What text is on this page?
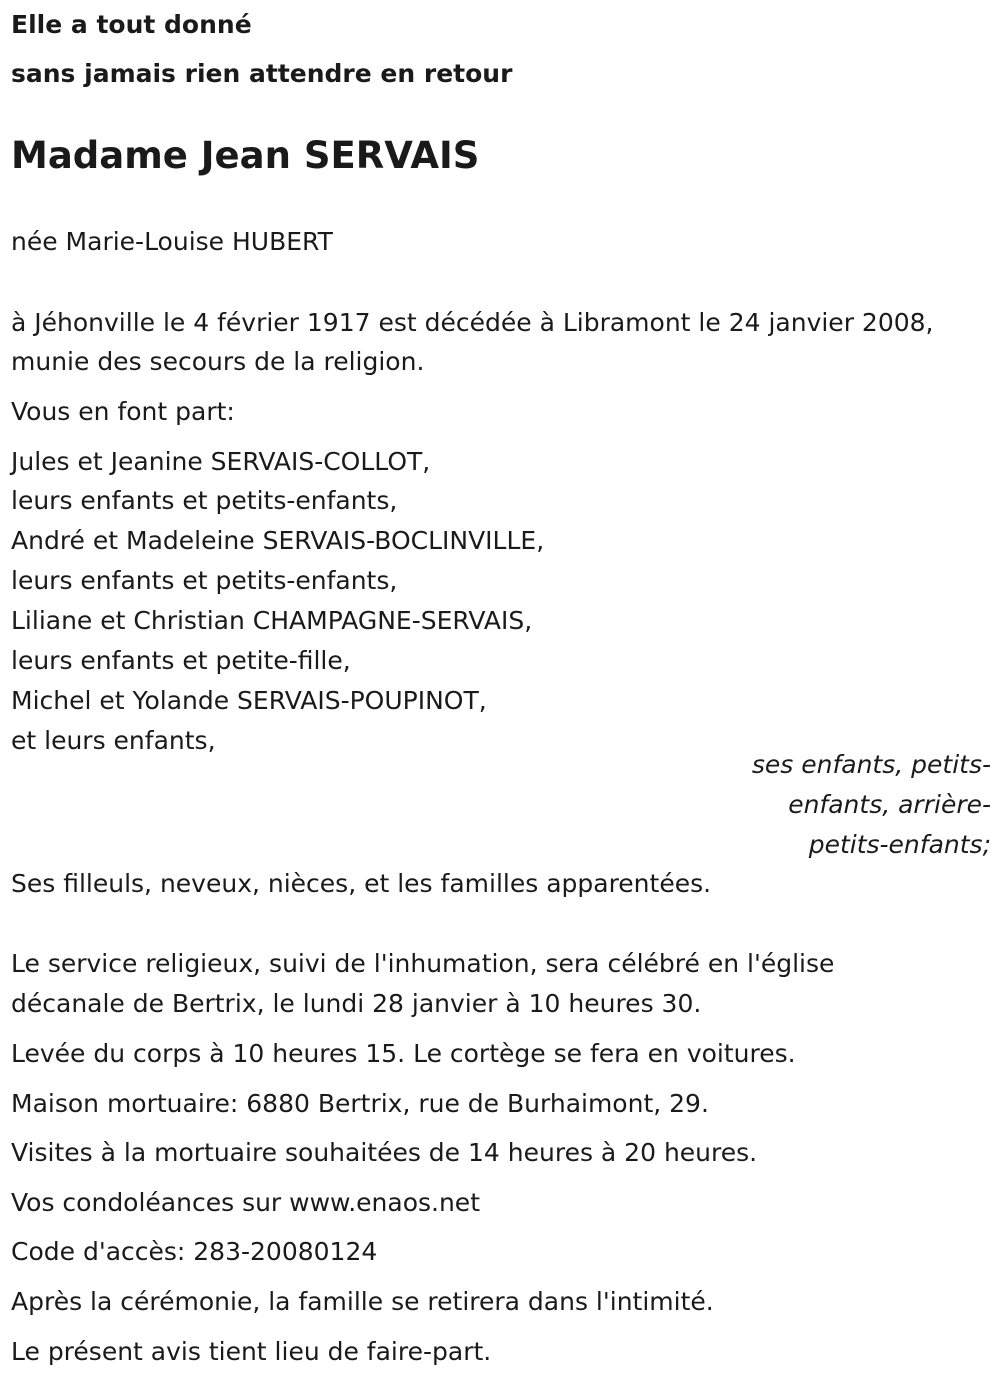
Elle a tout donné
sans jamais rien attendre en retour
Madame Jean SERVAIS
née Marie-Louise HUBERT
à Jéhonville le 4 février 1917 est décédée à Libramont le 24 janvier 2008,
munie des secours de la religion.
Vous en font part:
Jules et Jeanine SERVAIS-COLLOT,
leurs enfants et petits-enfants,
André et Madeleine SERVAIS-BOCLINVILLE,
leurs enfants et petits-enfants,
Liliane et Christian CHAMPAGNE-SERVAIS,
leurs enfants et petite-fille,
Michel et Yolande SERVAIS-POUPINOT,
et leurs enfants,
ses enfants, petits-
enfants, arrière-
petits-enfants;
Ses filleuls, neveux, nièces, et les familles apparentées.
Le service religieux, suivi de l'inhumation, sera célébré en l'église
décanale de Bertrix, le lundi 28 janvier à 10 heures 30.
Levée du corps à 10 heures 15. Le cortège se fera en voitures.
Maison mortuaire: 6880 Bertrix, rue de Burhaimont, 29.
Visites à la mortuaire souhaitées de 14 heures à 20 heures.
Vos condoléances sur www.enaos.net
Code d'accès: 283-20080124
Après la cérémonie, la famille se retirera dans l'intimité.
Le présent avis tient lieu de faire-part.
